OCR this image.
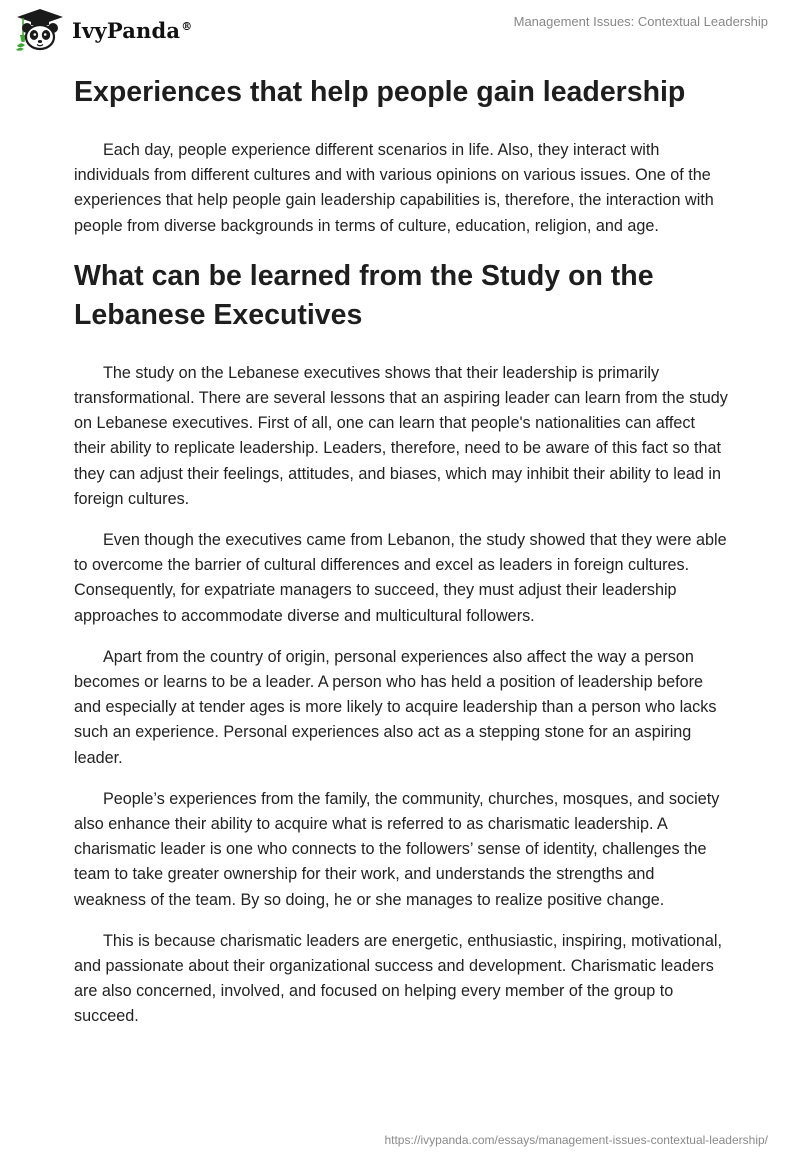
IvyPanda®	Management Issues: Contextual Leadership
Experiences that help people gain leadership

Each day, people experience different scenarios in life. Also, they interact with individuals from different cultures and with various opinions on various issues. One of the experiences that help people gain leadership capabilities is, therefore, the interaction with people from diverse backgrounds in terms of culture, education, religion, and age.

What can be learned from the Study on the Lebanese Executives

The study on the Lebanese executives shows that their leadership is primarily transformational. There are several lessons that an aspiring leader can learn from the study on Lebanese executives. First of all, one can learn that people's nationalities can affect their ability to replicate leadership. Leaders, therefore, need to be aware of this fact so that they can adjust their feelings, attitudes, and biases, which may inhibit their ability to lead in foreign cultures.

Even though the executives came from Lebanon, the study showed that they were able to overcome the barrier of cultural differences and excel as leaders in foreign cultures. Consequently, for expatriate managers to succeed, they must adjust their leadership approaches to accommodate diverse and multicultural followers.

Apart from the country of origin, personal experiences also affect the way a person becomes or learns to be a leader. A person who has held a position of leadership before and especially at tender ages is more likely to acquire leadership than a person who lacks such an experience. Personal experiences also act as a stepping stone for an aspiring leader.

People’s experiences from the family, the community, churches, mosques, and society also enhance their ability to acquire what is referred to as charismatic leadership. A charismatic leader is one who connects to the followers’ sense of identity, challenges the team to take greater ownership for their work, and understands the strengths and weakness of the team. By so doing, he or she manages to realize positive change.

This is because charismatic leaders are energetic, enthusiastic, inspiring, motivational, and passionate about their organizational success and development. Charismatic leaders are also concerned, involved, and focused on helping every member of the group to succeed.

https://ivypanda.com/essays/management-issues-contextual-leadership/
